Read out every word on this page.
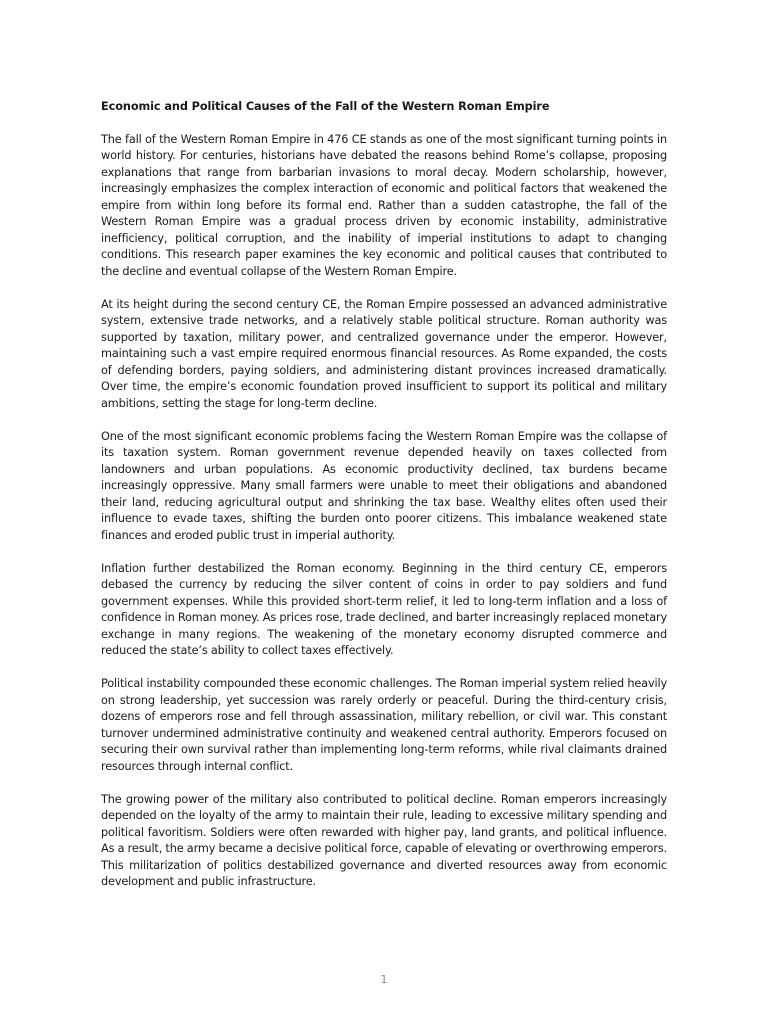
Economic and Political Causes of the Fall of the Western Roman Empire

The fall of the Western Roman Empire in 476 CE stands as one of the most significant turning points in world history. For centuries, historians have debated the reasons behind Rome’s collapse, proposing explanations that range from barbarian invasions to moral decay. Modern scholarship, however, increasingly emphasizes the complex interaction of economic and political factors that weakened the empire from within long before its formal end. Rather than a sudden catastrophe, the fall of the Western Roman Empire was a gradual process driven by economic instability, administrative inefficiency, political corruption, and the inability of imperial institutions to adapt to changing conditions. This research paper examines the key economic and political causes that contributed to the decline and eventual collapse of the Western Roman Empire.

At its height during the second century CE, the Roman Empire possessed an advanced administrative system, extensive trade networks, and a relatively stable political structure. Roman authority was supported by taxation, military power, and centralized governance under the emperor. However, maintaining such a vast empire required enormous financial resources. As Rome expanded, the costs of defending borders, paying soldiers, and administering distant provinces increased dramatically. Over time, the empire’s economic foundation proved insufficient to support its political and military ambitions, setting the stage for long-term decline.

One of the most significant economic problems facing the Western Roman Empire was the collapse of its taxation system. Roman government revenue depended heavily on taxes collected from landowners and urban populations. As economic productivity declined, tax burdens became increasingly oppressive. Many small farmers were unable to meet their obligations and abandoned their land, reducing agricultural output and shrinking the tax base. Wealthy elites often used their influence to evade taxes, shifting the burden onto poorer citizens. This imbalance weakened state finances and eroded public trust in imperial authority.

Inflation further destabilized the Roman economy. Beginning in the third century CE, emperors debased the currency by reducing the silver content of coins in order to pay soldiers and fund government expenses. While this provided short-term relief, it led to long-term inflation and a loss of confidence in Roman money. As prices rose, trade declined, and barter increasingly replaced monetary exchange in many regions. The weakening of the monetary economy disrupted commerce and reduced the state’s ability to collect taxes effectively.

Political instability compounded these economic challenges. The Roman imperial system relied heavily on strong leadership, yet succession was rarely orderly or peaceful. During the third-century crisis, dozens of emperors rose and fell through assassination, military rebellion, or civil war. This constant turnover undermined administrative continuity and weakened central authority. Emperors focused on securing their own survival rather than implementing long-term reforms, while rival claimants drained resources through internal conflict.

The growing power of the military also contributed to political decline. Roman emperors increasingly depended on the loyalty of the army to maintain their rule, leading to excessive military spending and political favoritism. Soldiers were often rewarded with higher pay, land grants, and political influence. As a result, the army became a decisive political force, capable of elevating or overthrowing emperors. This militarization of politics destabilized governance and diverted resources away from economic development and public infrastructure.

1
